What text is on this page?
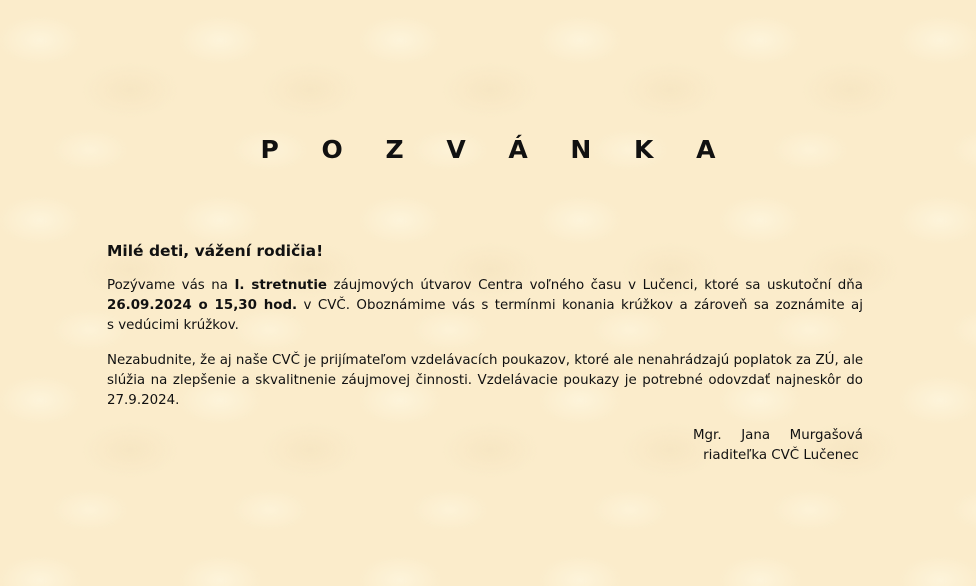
P O Z V Á N K A
Milé deti, vážení rodičia!
Pozývame vás na I. stretnutie záujmových útvarov Centra voľného času v Lučenci, ktoré sa uskutoční dňa
26.09.2024 o 15,30 hod. v CVČ. Oboznámime vás s termínmi konania krúžkov a zároveň sa zoznámite aj
s vedúcimi krúžkov.
Nezabudnite, že aj naše CVČ je prijímateľom vzdelávacích poukazov, ktoré ale nenahrádzajú poplatok za ZÚ, ale
slúžia na zlepšenie a skvalitnenie záujmovej činnosti. Vzdelávacie poukazy je potrebné odovzdať najneskôr do
27.9.2024.
Mgr. Jana Murgašová
riaditeľka CVČ Lučenec
